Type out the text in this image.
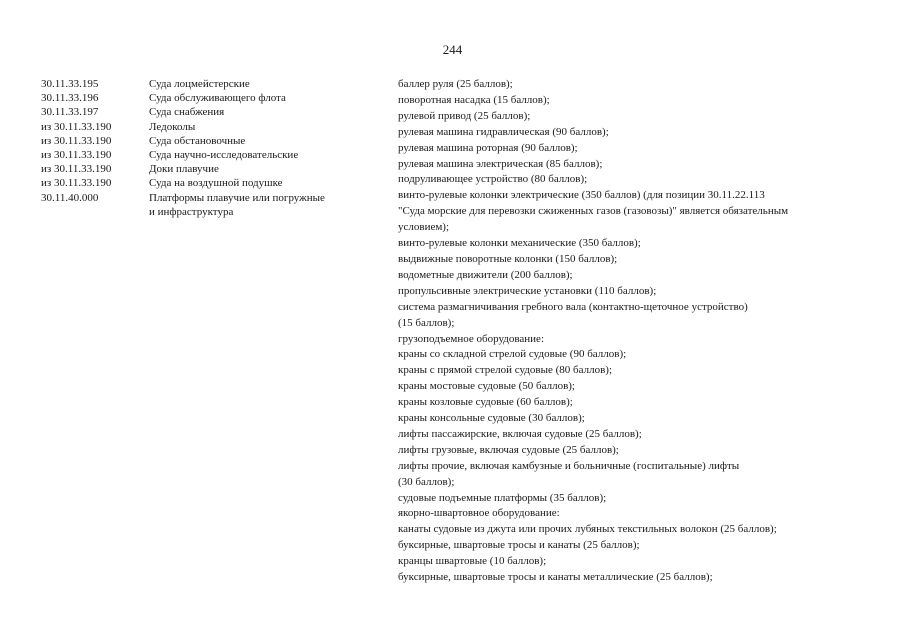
244
30.11.33.195	Суда лоцмейстерские
30.11.33.196	Суда обслуживающего флота
30.11.33.197	Суда снабжения
из 30.11.33.190	Ледоколы
из 30.11.33.190	Суда обстановочные
из 30.11.33.190	Суда научно-исследовательские
из 30.11.33.190	Доки плавучие
из 30.11.33.190	Суда на воздушной подушке
30.11.40.000	Платформы плавучие или погружные
и инфраструктура
баллер руля (25 баллов);
поворотная насадка (15 баллов);
рулевой привод (25 баллов);
рулевая машина гидравлическая (90 баллов);
рулевая машина роторная (90 баллов);
рулевая машина электрическая (85 баллов);
подруливающее устройство (80 баллов);
винто-рулевые колонки электрические (350 баллов) (для позиции 30.11.22.113
"Суда морские для перевозки сжиженных газов (газовозы)" является обязательным
условием);
винто-рулевые колонки механические (350 баллов);
выдвижные поворотные колонки (150 баллов);
водометные движители (200 баллов);
пропульсивные электрические установки (110 баллов);
система размагничивания гребного вала (контактно-щеточное устройство)
(15 баллов);
грузоподъемное оборудование:
краны со складной стрелой судовые (90 баллов);
краны с прямой стрелой судовые (80 баллов);
краны мостовые судовые (50 баллов);
краны козловые судовые (60 баллов);
краны консольные судовые (30 баллов);
лифты пассажирские, включая судовые (25 баллов);
лифты грузовые, включая судовые (25 баллов);
лифты прочие, включая камбузные и больничные (госпитальные) лифты
(30 баллов);
судовые подъемные платформы (35 баллов);
якорно-швартовное оборудование:
канаты судовые из джута или прочих лубяных текстильных волокон (25 баллов);
буксирные, швартовые тросы и канаты (25 баллов);
кранцы швартовые (10 баллов);
буксирные, швартовые тросы и канаты металлические (25 баллов);
